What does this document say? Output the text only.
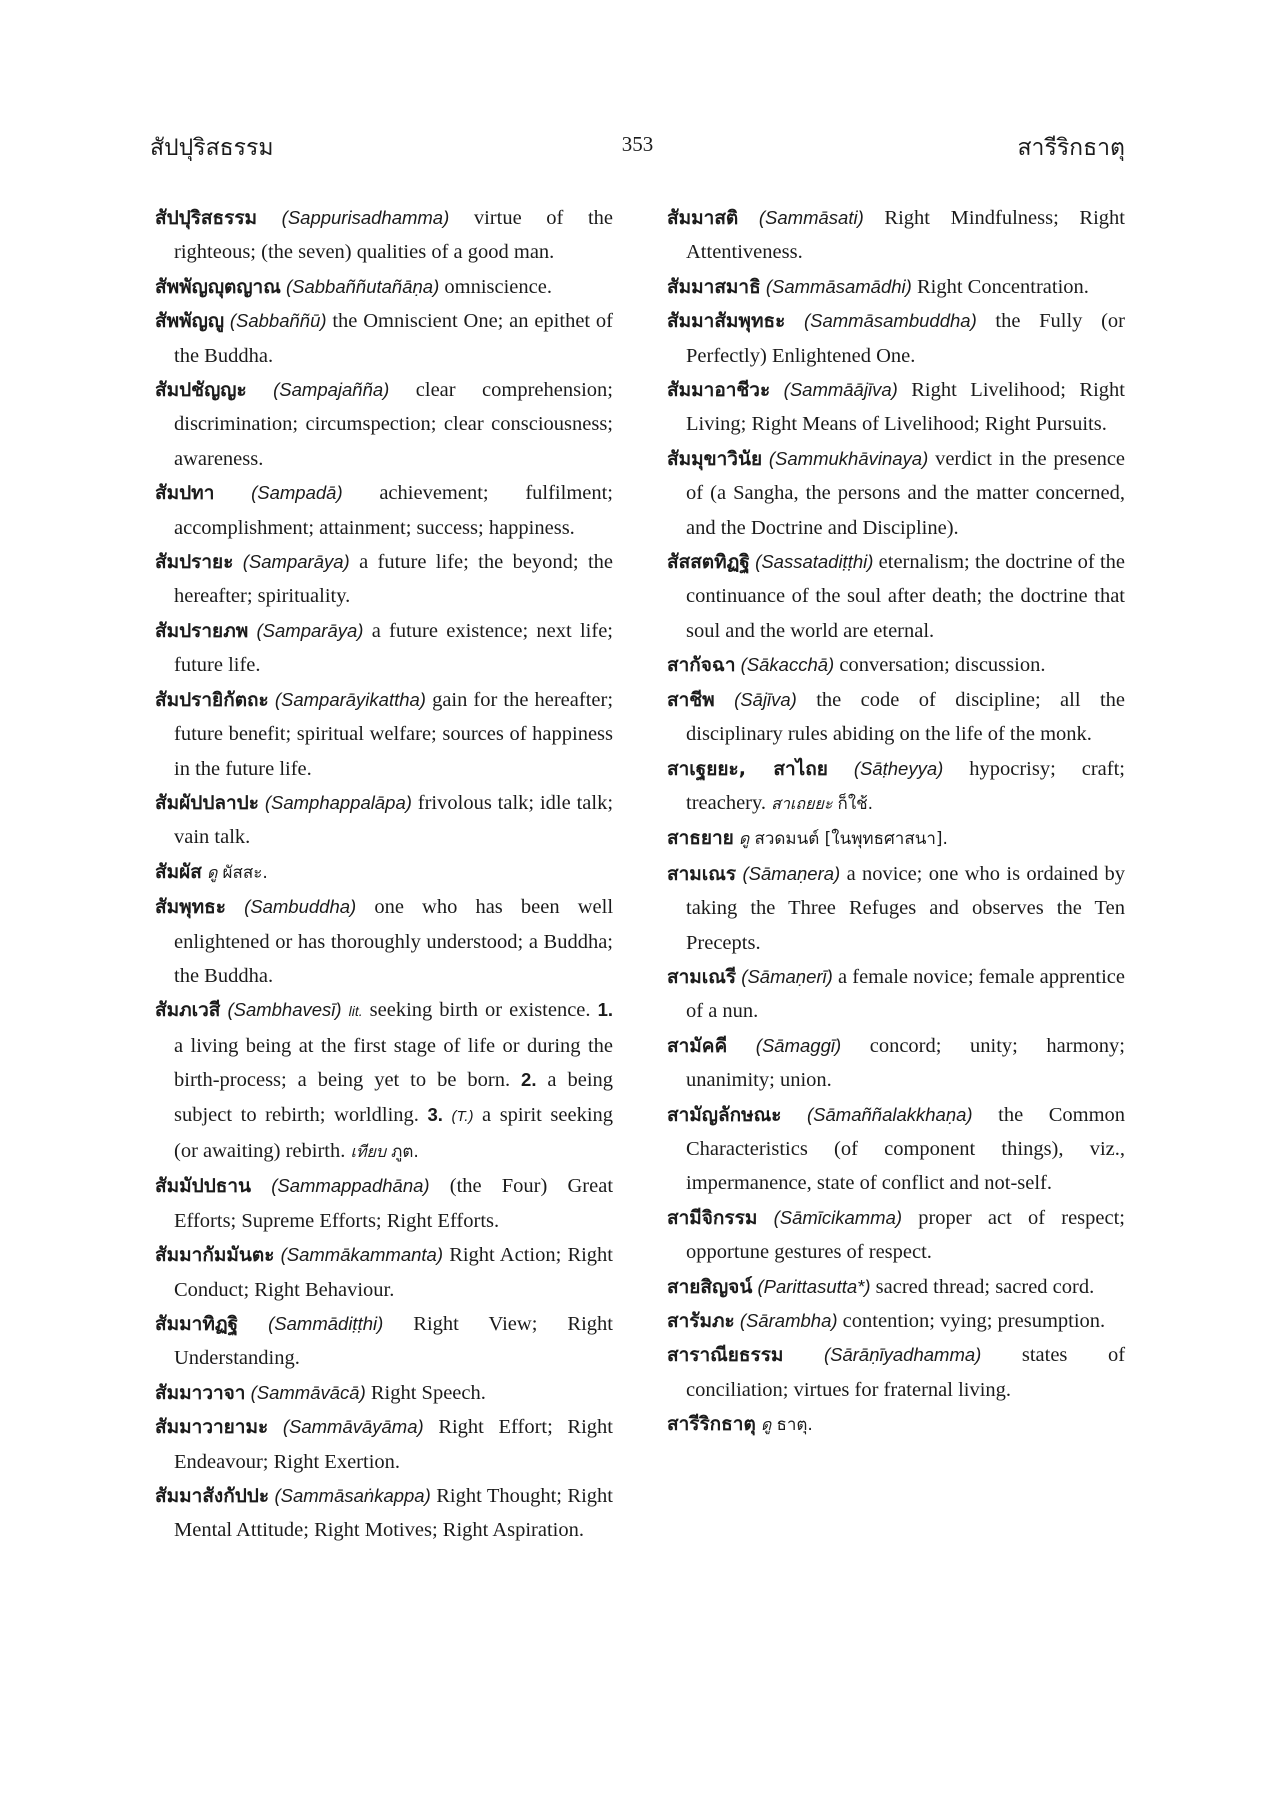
สัปปุริสธรรม	353	สารีริกธาตุ

สัปปุริสธรรม (Sappurisadhamma) virtue of the righteous; (the seven) qualities of a good man.

สัพพัญญุตญาณ (Sabbaññutañāṇa) omniscience.

สัพพัญญู (Sabbaññū) the Omniscient One; an epithet of the Buddha.

สัมปชัญญะ (Sampajañña) clear comprehension; discrimination; circumspection; clear consciousness; awareness.

สัมปทา (Sampadā) achievement; fulfilment; accomplishment; attainment; success; happiness.

สัมปรายะ (Samparāya) a future life; the beyond; the hereafter; spirituality.

สัมปรายภพ (Samparāya) a future existence; next life; future life.

สัมปรายิกัตถะ (Samparāyikattha) gain for the hereafter; future benefit; spiritual welfare; sources of happiness in the future life.

สัมผัปปลาปะ (Samphappalāpa) frivolous talk; idle talk; vain talk.

สัมผัส ดู ผัสสะ.

สัมพุทธะ (Sambuddha) one who has been well enlightened or has thoroughly understood; a Buddha; the Buddha.

สัมภเวสี (Sambhavesī) lit. seeking birth or existence. 1. a living being at the first stage of life or during the birth-process; a being yet to be born. 2. a being subject to rebirth; worldling. 3. (T.) a spirit seeking (or awaiting) rebirth. เทียบ ภูต.

สัมมัปปธาน (Sammappadhāna) (the Four) Great Efforts; Supreme Efforts; Right Efforts.

สัมมากัมมันตะ (Sammākammanta) Right Action; Right Conduct; Right Behaviour.

สัมมาทิฏฐิ (Sammādiṭṭhi) Right View; Right Understanding.

สัมมาวาจา (Sammāvācā) Right Speech.

สัมมาวายามะ (Sammāvāyāma) Right Effort; Right Endeavour; Right Exertion.

สัมมาสังกัปปะ (Sammāsaṅkappa) Right Thought; Right Mental Attitude; Right Motives; Right Aspiration.

สัมมาสติ (Sammāsati) Right Mindfulness; Right Attentiveness.

สัมมาสมาธิ (Sammāsamādhi) Right Concentration.

สัมมาสัมพุทธะ (Sammāsambuddha) the Fully (or Perfectly) Enlightened One.

สัมมาอาชีวะ (Sammāājīva) Right Livelihood; Right Living; Right Means of Livelihood; Right Pursuits.

สัมมุขาวินัย (Sammukhāvinaya) verdict in the presence of (a Sangha, the persons and the matter concerned, and the Doctrine and Discipline).

สัสสตทิฏฐิ (Sassatadiṭṭhi) eternalism; the doctrine of the continuance of the soul after death; the doctrine that soul and the world are eternal.

สากัจฉา (Sākacchā) conversation; discussion.

สาชีพ (Sājīva) the code of discipline; all the disciplinary rules abiding on the life of the monk.

สาเฐยยะ, สาไถย (Sāṭheyya) hypocrisy; craft; treachery. สาเถยยะ ก็ใช้.

สาธยาย ดู สวดมนต์ [ในพุทธศาสนา].

สามเณร (Sāmaṇera) a novice; one who is ordained by taking the Three Refuges and observes the Ten Precepts.

สามเณรี (Sāmaṇerī) a female novice; female apprentice of a nun.

สามัคคี (Sāmaggī) concord; unity; harmony; unanimity; union.

สามัญลักษณะ (Sāmaññalakkhaṇa) the Common Characteristics (of component things), viz., impermanence, state of conflict and not-self.

สามีจิกรรม (Sāmīcikamma) proper act of respect; opportune gestures of respect.

สายสิญจน์ (Parittasutta*) sacred thread; sacred cord.

สารัมภะ (Sārambha) contention; vying; presumption.

สาราณียธรรม (Sārāṇīyadhamma) states of conciliation; virtues for fraternal living.

สารีริกธาตุ ดู ธาตุ.
